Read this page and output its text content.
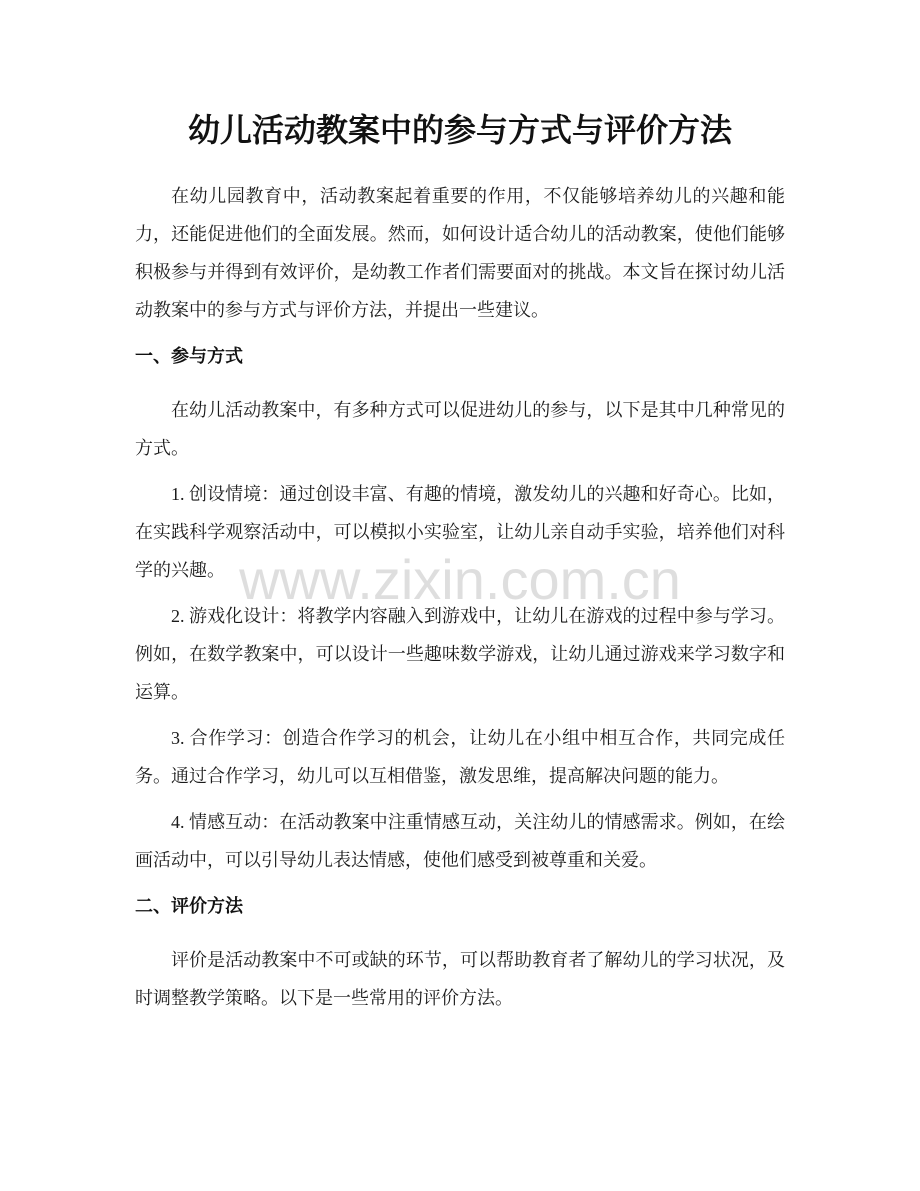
幼儿活动教案中的参与方式与评价方法

在幼儿园教育中，活动教案起着重要的作用，不仅能够培养幼儿的兴趣和能力，还能促进他们的全面发展。然而，如何设计适合幼儿的活动教案，使他们能够积极参与并得到有效评价，是幼教工作者们需要面对的挑战。本文旨在探讨幼儿活动教案中的参与方式与评价方法，并提出一些建议。

一、参与方式

在幼儿活动教案中，有多种方式可以促进幼儿的参与，以下是其中几种常见的方式。

1. 创设情境：通过创设丰富、有趣的情境，激发幼儿的兴趣和好奇心。比如，在实践科学观察活动中，可以模拟小实验室，让幼儿亲自动手实验，培养他们对科学的兴趣。

2. 游戏化设计：将教学内容融入到游戏中，让幼儿在游戏的过程中参与学习。例如，在数学教案中，可以设计一些趣味数学游戏，让幼儿通过游戏来学习数字和运算。

3. 合作学习：创造合作学习的机会，让幼儿在小组中相互合作，共同完成任务。通过合作学习，幼儿可以互相借鉴，激发思维，提高解决问题的能力。

4. 情感互动：在活动教案中注重情感互动，关注幼儿的情感需求。例如，在绘画活动中，可以引导幼儿表达情感，使他们感受到被尊重和关爱。

二、评价方法

评价是活动教案中不可或缺的环节，可以帮助教育者了解幼儿的学习状况，及时调整教学策略。以下是一些常用的评价方法。

www.zixin.com.cn
